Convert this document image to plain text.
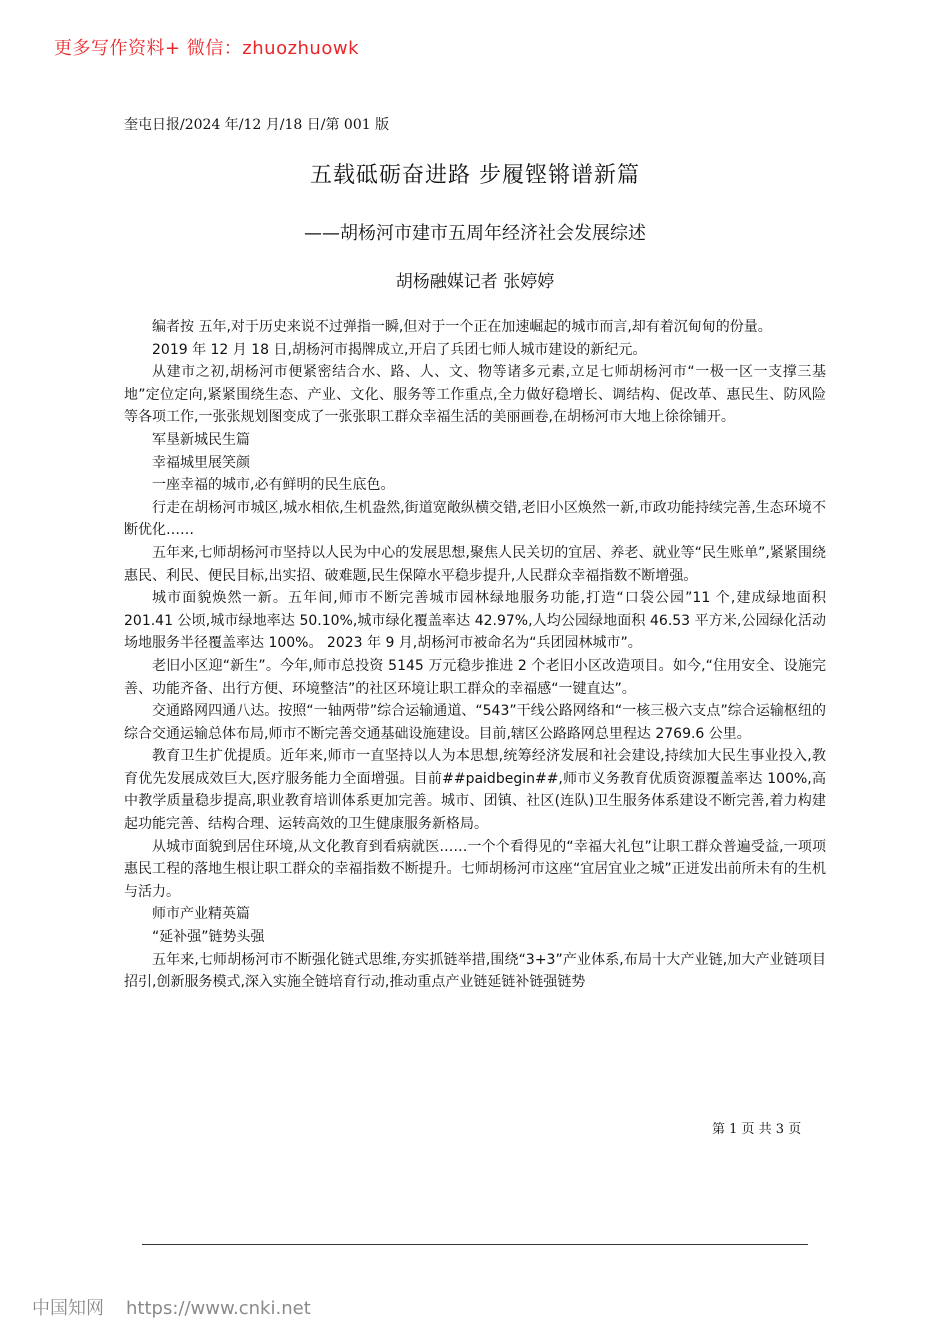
更多写作资料+ 微信：zhuozhuowk
奎屯日报/2024 年/12 月/18 日/第 001 版
五载砥砺奋进路 步履铿锵谱新篇
——胡杨河市建市五周年经济社会发展综述
胡杨融媒记者 张婷婷

编者按 五年,对于历史来说不过弹指一瞬,但对于一个正在加速崛起的城市而言,却有着沉甸甸的份量。

2019 年 12 月 18 日,胡杨河市揭牌成立,开启了兵团七师人城市建设的新纪元。

从建市之初,胡杨河市便紧密结合水、路、人、文、物等诸多元素,立足七师胡杨河市“一极一区一支撑三基地”定位定向,紧紧围绕生态、产业、文化、服务等工作重点,全力做好稳增长、调结构、促改革、惠民生、防风险等各项工作,一张张规划图变成了一张张职工群众幸福生活的美丽画卷,在胡杨河市大地上徐徐铺开。

军垦新城民生篇

幸福城里展笑颜

一座幸福的城市,必有鲜明的民生底色。

行走在胡杨河市城区,城水相依,生机盎然,街道宽敞纵横交错,老旧小区焕然一新,市政功能持续完善,生态环境不断优化……

五年来,七师胡杨河市坚持以人民为中心的发展思想,聚焦人民关切的宜居、养老、就业等“民生账单”,紧紧围绕惠民、利民、便民目标,出实招、破难题,民生保障水平稳步提升,人民群众幸福指数不断增强。

城市面貌焕然一新。五年间,师市不断完善城市园林绿地服务功能,打造“口袋公园”11 个,建成绿地面积 201.41 公顷,城市绿地率达 50.10%,城市绿化覆盖率达 42.97%,人均公园绿地面积 46.53 平方米,公园绿化活动场地服务半径覆盖率达 100%。 2023 年 9 月,胡杨河市被命名为“兵团园林城市”。

老旧小区迎“新生”。今年,师市总投资 5145 万元稳步推进 2 个老旧小区改造项目。如今,“住用安全、设施完善、功能齐备、出行方便、环境整洁”的社区环境让职工群众的幸福感“一键直达”。

交通路网四通八达。按照“一轴两带”综合运输通道、“543”干线公路网络和“一核三极六支点”综合运输枢纽的综合交通运输总体布局,师市不断完善交通基础设施建设。目前,辖区公路路网总里程达 2769.6 公里。

教育卫生扩优提质。近年来,师市一直坚持以人为本思想,统筹经济发展和社会建设,持续加大民生事业投入,教育优先发展成效巨大,医疗服务能力全面增强。目前##paidbegin##,师市义务教育优质资源覆盖率达 100%,高中教学质量稳步提高,职业教育培训体系更加完善。城市、团镇、社区(连队)卫生服务体系建设不断完善,着力构建起功能完善、结构合理、运转高效的卫生健康服务新格局。

从城市面貌到居住环境,从文化教育到看病就医……一个个看得见的“幸福大礼包”让职工群众普遍受益,一项项惠民工程的落地生根让职工群众的幸福指数不断提升。七师胡杨河市这座“宜居宜业之城”正迸发出前所未有的生机与活力。

师市产业精英篇

“延补强”链势头强

五年来,七师胡杨河市不断强化链式思维,夯实抓链举措,围绕“3+3”产业体系,布局十大产业链,加大产业链项目招引,创新服务模式,深入实施全链培育行动,推动重点产业链延链补链强链势

第 1 页 共 3 页
中国知网 https://www.cnki.net
